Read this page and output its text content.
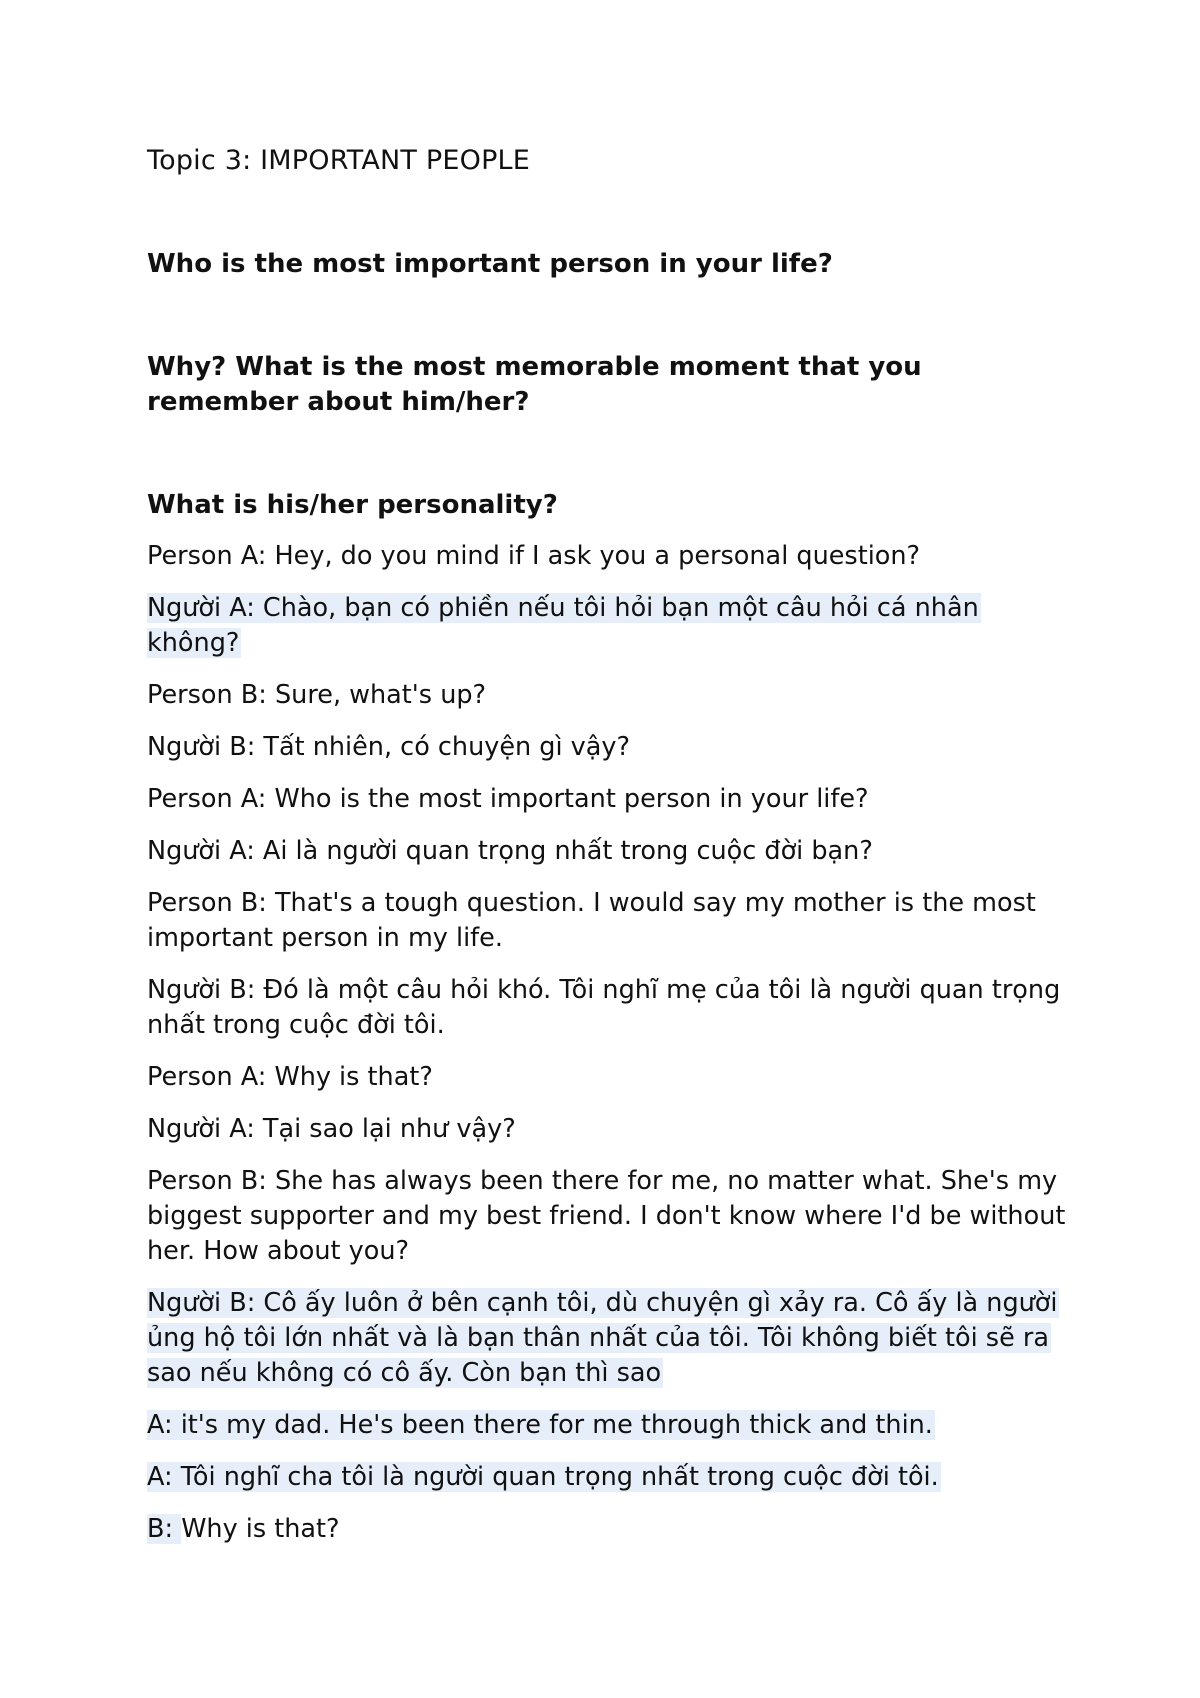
Topic 3: IMPORTANT PEOPLE

Who is the most important person in your life?

Why? What is the most memorable moment that you remember about him/her?

What is his/her personality?

Person A: Hey, do you mind if I ask you a personal question?

Người A: Chào, bạn có phiền nếu tôi hỏi bạn một câu hỏi cá nhân không?

Person B: Sure, what's up?

Người B: Tất nhiên, có chuyện gì vậy?

Person A: Who is the most important person in your life?

Người A: Ai là người quan trọng nhất trong cuộc đời bạn?

Person B: That's a tough question. I would say my mother is the most important person in my life.

Người B: Đó là một câu hỏi khó. Tôi nghĩ mẹ của tôi là người quan trọng nhất trong cuộc đời tôi.

Person A: Why is that?

Người A: Tại sao lại như vậy?

Person B: She has always been there for me, no matter what. She's my biggest supporter and my best friend. I don't know where I'd be without her. How about you?

Người B: Cô ấy luôn ở bên cạnh tôi, dù chuyện gì xảy ra. Cô ấy là người ủng hộ tôi lớn nhất và là bạn thân nhất của tôi. Tôi không biết tôi sẽ ra sao nếu không có cô ấy. Còn bạn thì sao

A: it's my dad. He's been there for me through thick and thin.

A: Tôi nghĩ cha tôi là người quan trọng nhất trong cuộc đời tôi.

B: Why is that?
